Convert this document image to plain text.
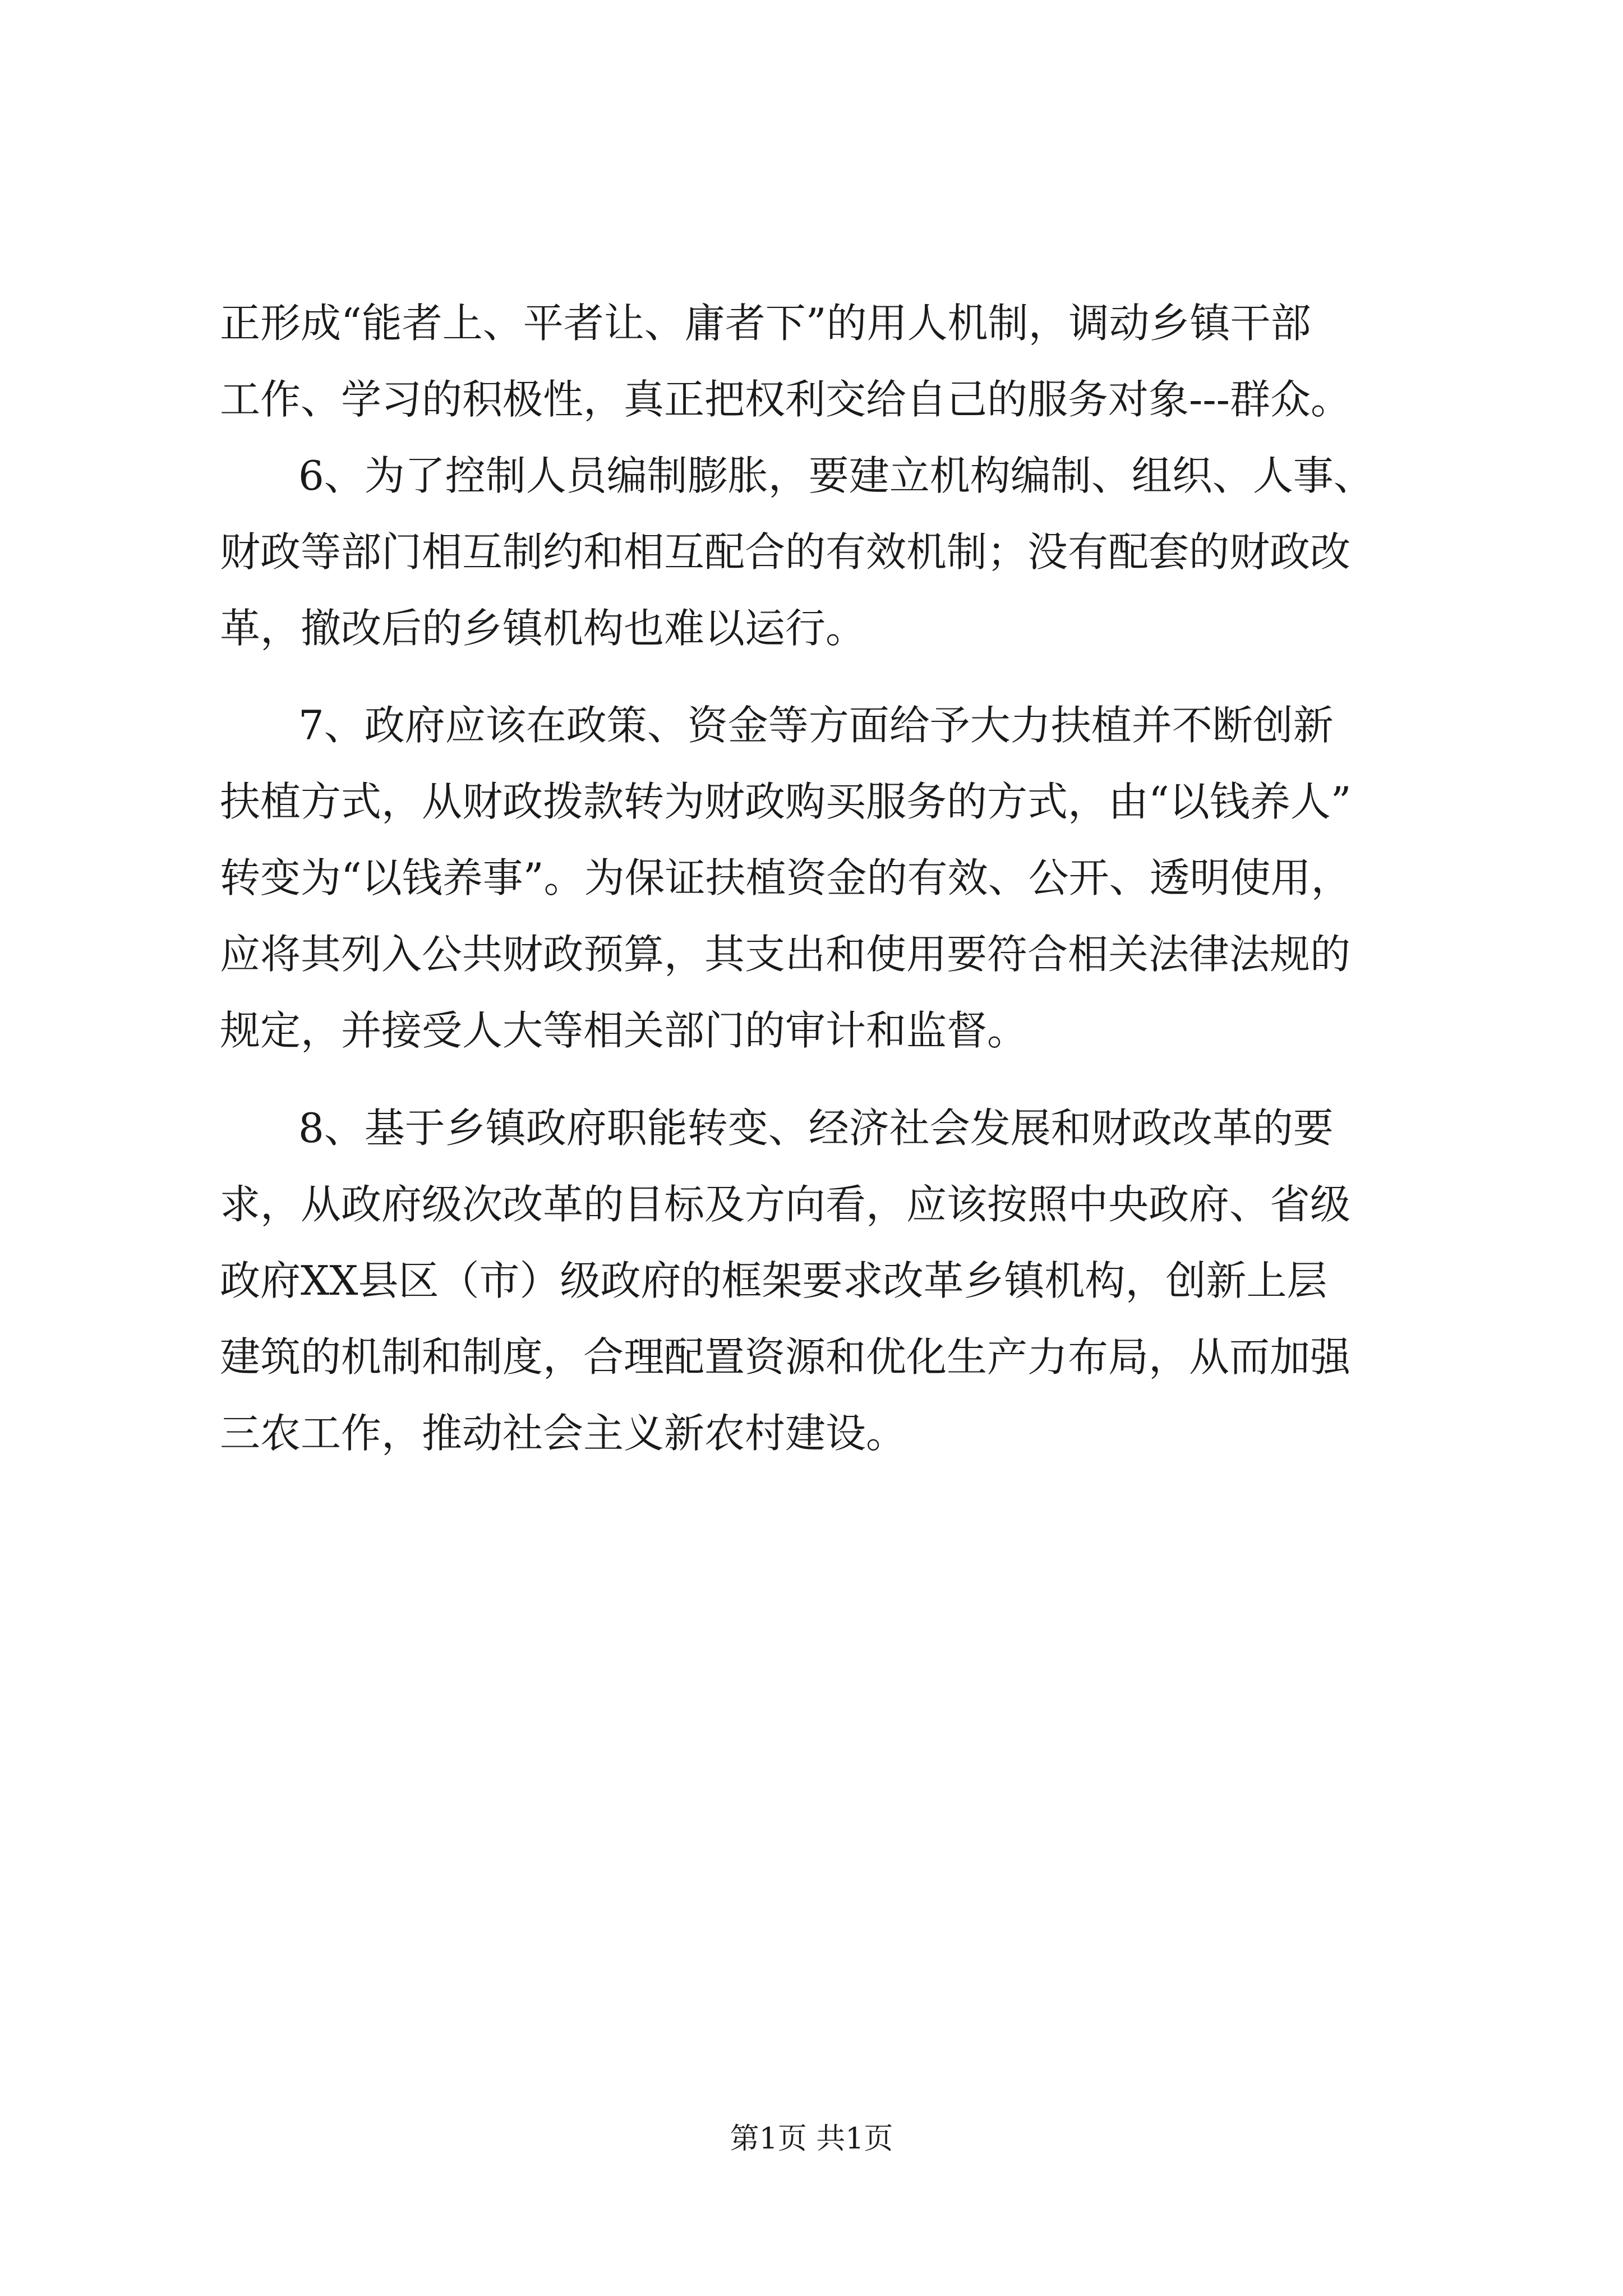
正形成“能者上、平者让、庸者下”的用人机制，调动乡镇干部
工作、学习的积极性，真正把权利交给自己的服务对象---群众。
6、为了控制人员编制膨胀，要建立机构编制、组织、人事、
财政等部门相互制约和相互配合的有效机制；没有配套的财政改
革，撤改后的乡镇机构也难以运行。
7、政府应该在政策、资金等方面给予大力扶植并不断创新
扶植方式，从财政拨款转为财政购买服务的方式，由“以钱养人”
转变为“以钱养事”。为保证扶植资金的有效、公开、透明使用，
应将其列入公共财政预算，其支出和使用要符合相关法律法规的
规定，并接受人大等相关部门的审计和监督。
8、基于乡镇政府职能转变、经济社会发展和财政改革的要
求，从政府级次改革的目标及方向看，应该按照中央政府、省级
政府XX县区（市）级政府的框架要求改革乡镇机构，创新上层
建筑的机制和制度，合理配置资源和优化生产力布局，从而加强
三农工作，推动社会主义新农村建设。
第1页 共1页
